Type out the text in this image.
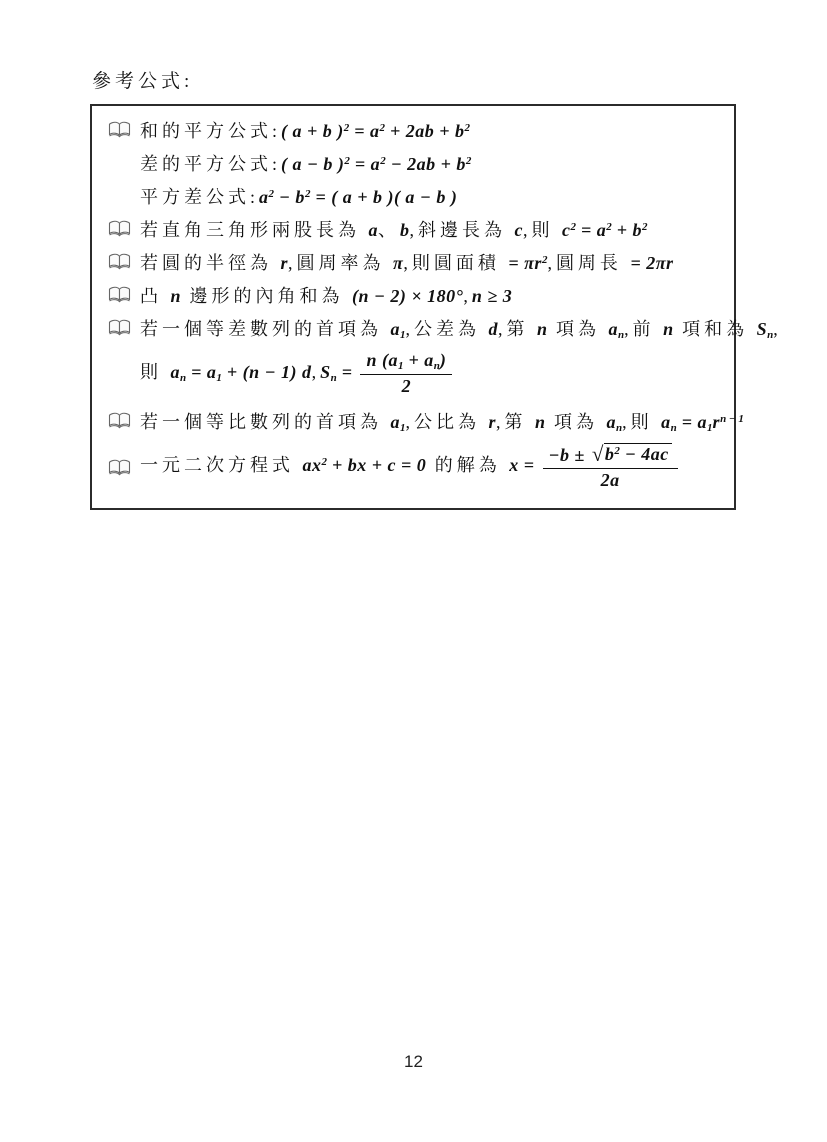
參考公式:
和的平方公式:( a + b )$^2 = a^2 + 2ab + b^2$
差的平方公式:( a − b )$^2 = a^2 - 2ab + b^2$
平方差公式$:a^2 - b^2$ = ( a + b )( a − b )
若直角三角形兩股長為 a、b,斜邊長為 c,則 $c^2 = a^2 + b^2$
若圓的半徑為 r,圓周率為 π,則圓面積 = $\pi r^2$,圓周長 = 2πr
凸 n 邊形的內角和為 (n − 2) × 180°,n ≥ 3
若一個等差數列的首項為 $a_1$,公差為 d,第 n 項為 $a_n$,前 n 項和為 $S_n$,
則 $a_n = a_1 + (n - 1) d,S_n = \frac{n (a_1 + a_n)}{2}$
若一個等比數列的首項為 $a_1$,公比為 r,第 n 項為 $a_n$,則 $a_n = a_1r^{n - 1}$
一元二次方程式 $ax^2$ + bx + c = 0 的解為 $x = \frac{-b \pm √ b^2 - 4ac}{2a}$
12
